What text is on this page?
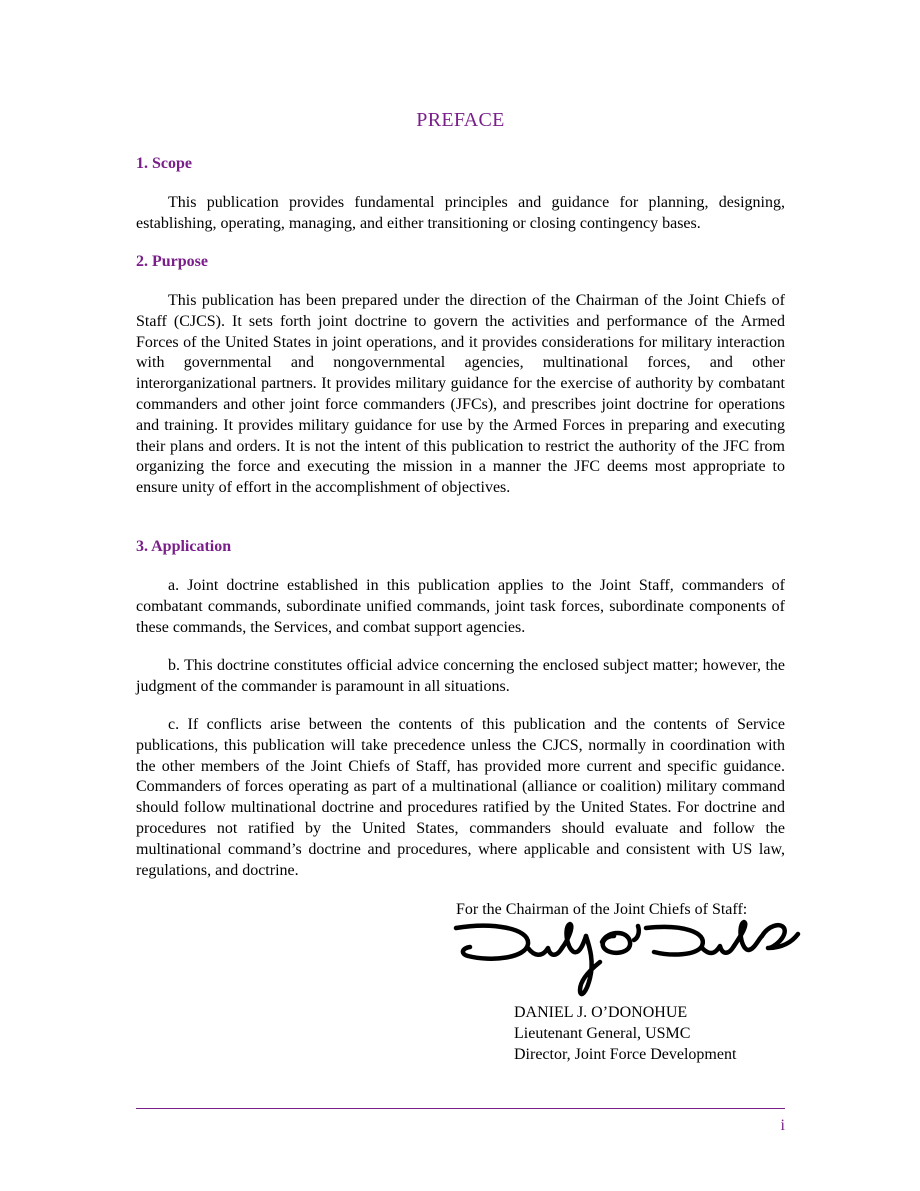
PREFACE
1. Scope

This publication provides fundamental principles and guidance for planning, designing, establishing, operating, managing, and either transitioning or closing contingency bases.

2. Purpose

This publication has been prepared under the direction of the Chairman of the Joint Chiefs of Staff (CJCS). It sets forth joint doctrine to govern the activities and performance of the Armed Forces of the United States in joint operations, and it provides considerations for military interaction with governmental and nongovernmental agencies, multinational forces, and other interorganizational partners. It provides military guidance for the exercise of authority by combatant commanders and other joint force commanders (JFCs), and prescribes joint doctrine for operations and training. It provides military guidance for use by the Armed Forces in preparing and executing their plans and orders. It is not the intent of this publication to restrict the authority of the JFC from organizing the force and executing the mission in a manner the JFC deems most appropriate to ensure unity of effort in the accomplishment of objectives.

3. Application

a. Joint doctrine established in this publication applies to the Joint Staff, commanders of combatant commands, subordinate unified commands, joint task forces, subordinate components of these commands, the Services, and combat support agencies.

b. This doctrine constitutes official advice concerning the enclosed subject matter; however, the judgment of the commander is paramount in all situations.

c. If conflicts arise between the contents of this publication and the contents of Service publications, this publication will take precedence unless the CJCS, normally in coordination with the other members of the Joint Chiefs of Staff, has provided more current and specific guidance. Commanders of forces operating as part of a multinational (alliance or coalition) military command should follow multinational doctrine and procedures ratified by the United States. For doctrine and procedures not ratified by the United States, commanders should evaluate and follow the multinational command’s doctrine and procedures, where applicable and consistent with US law, regulations, and doctrine.

For the Chairman of the Joint Chiefs of Staff:
DANIEL J. O’DONOHUE
Lieutenant General, USMC
Director, Joint Force Development
i
